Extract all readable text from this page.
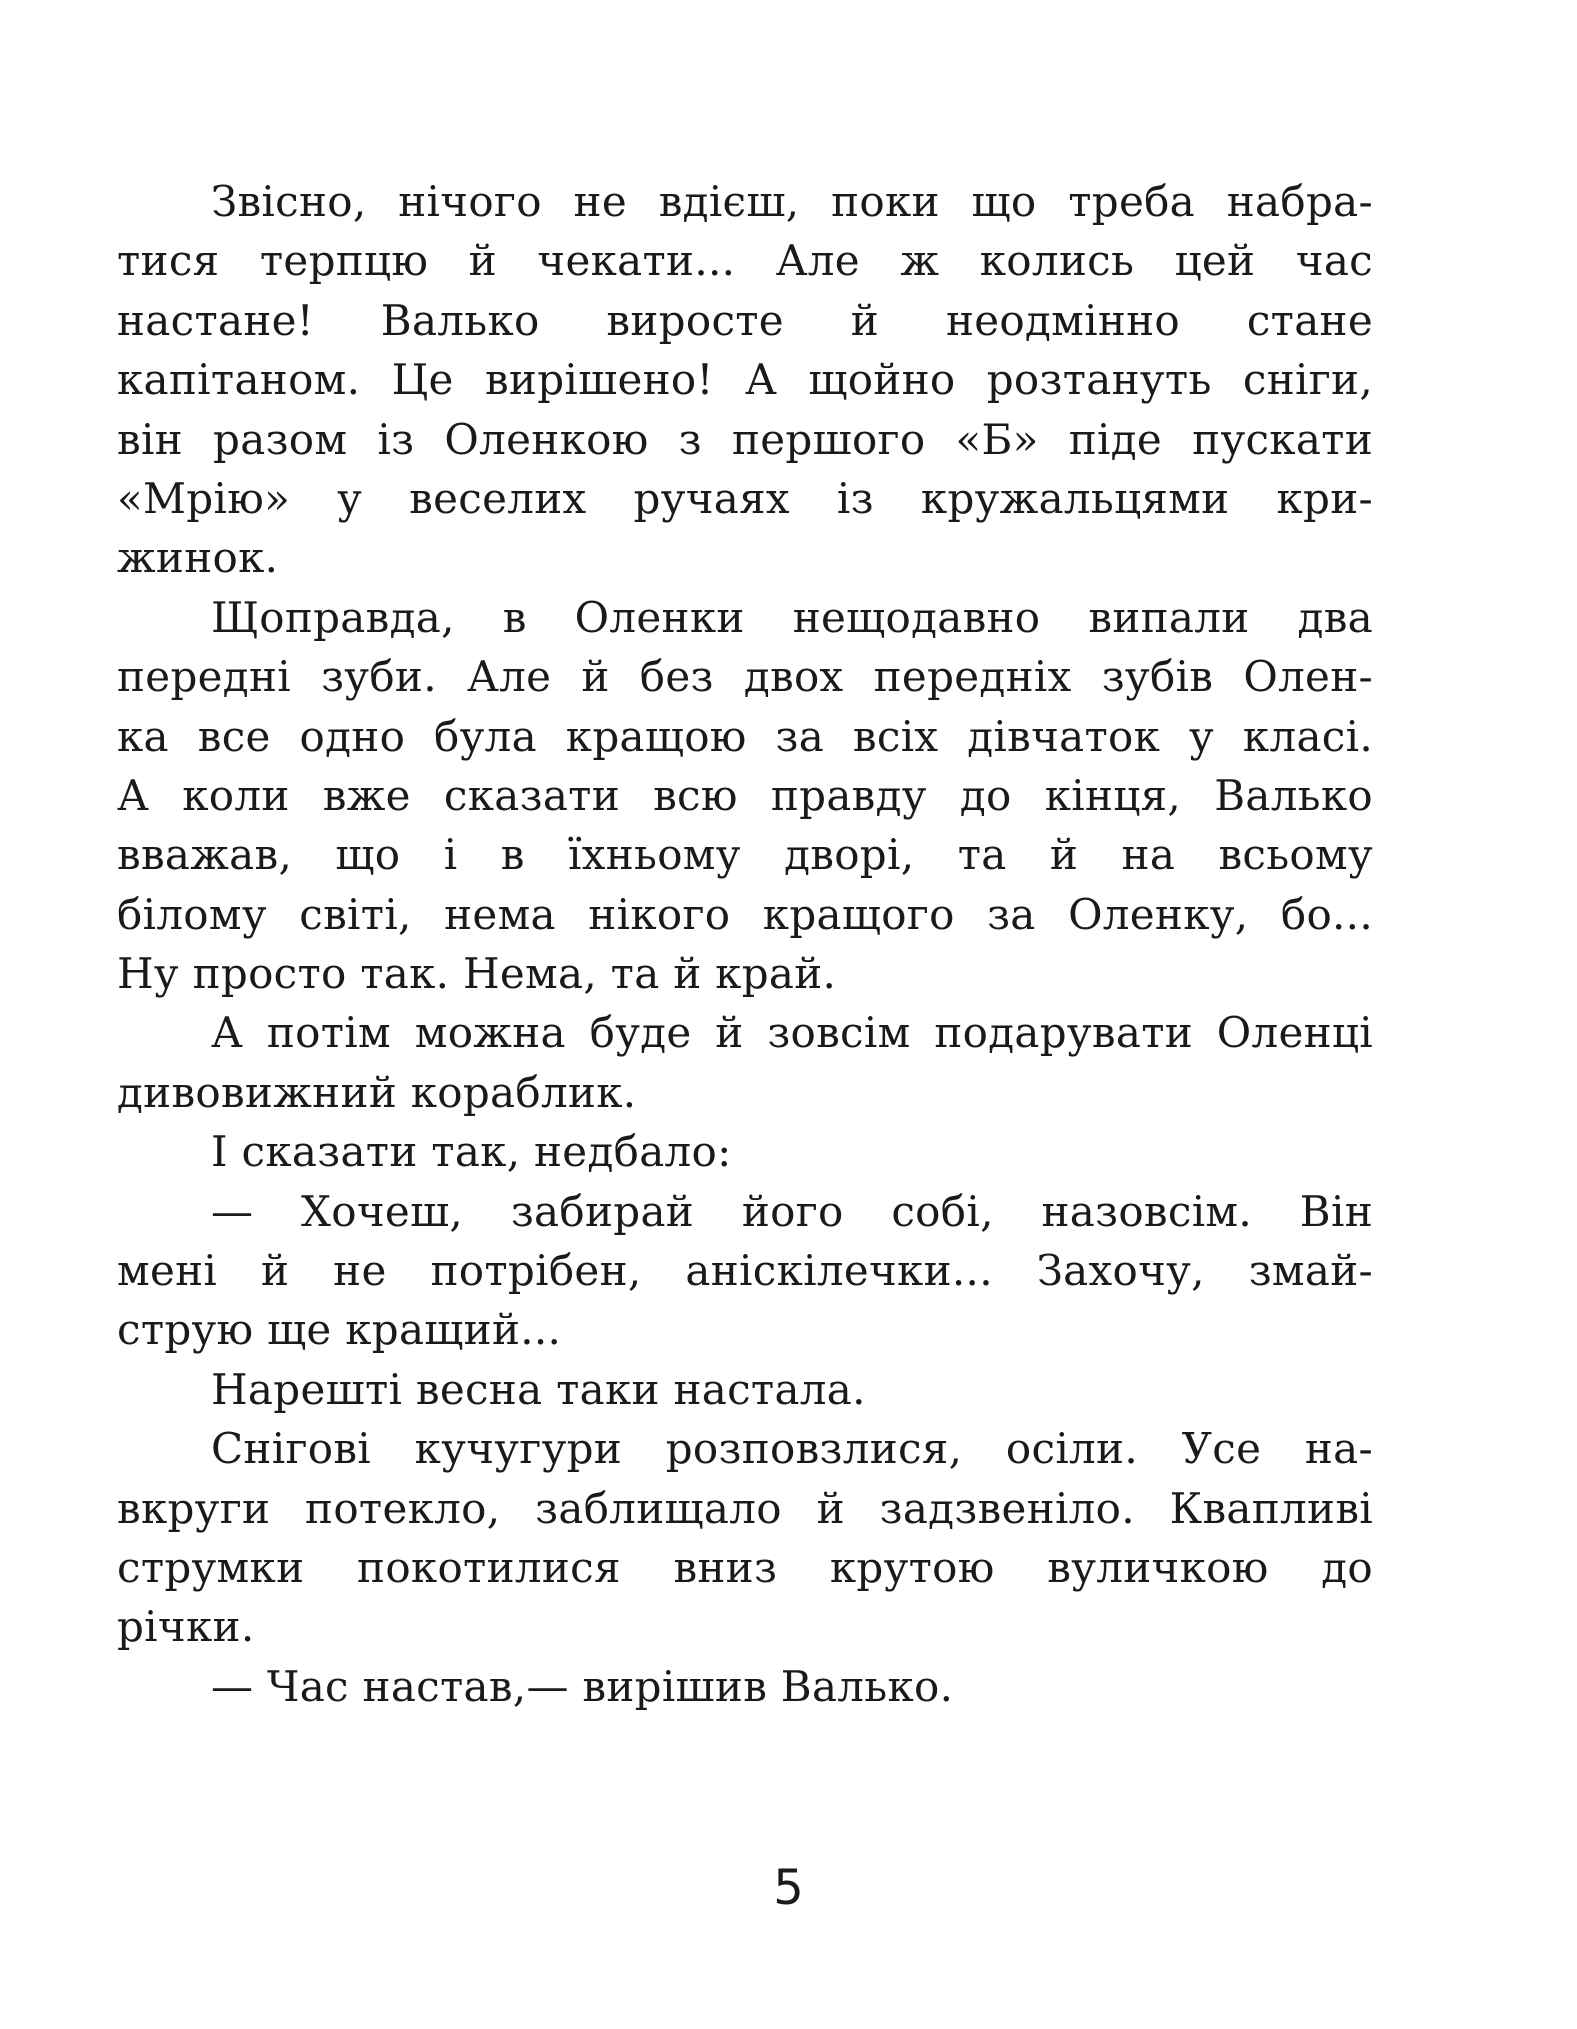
Звісно, нічого не вдієш, поки що треба набра-

тися терпцю й чекати... Але ж колись цей час

настане! Валько виросте й неодмінно стане

капітаном. Це вирішено! А щойно розтануть сніги,

він разом із Оленкою з першого «Б» піде пускати

«Мрію» у веселих ручаях із кружальцями кри-

жинок.

Щоправда, в Оленки нещодавно випали два

передні зуби. Але й без двох передніх зубів Олен-

ка все одно була кращою за всіх дівчаток у класі.

А коли вже сказати всю правду до кінця, Валько

вважав, що і в їхньому дворі, та й на всьому

білому світі, нема нікого кращого за Оленку, бо...

Ну просто так. Нема, та й край.

А потім можна буде й зовсім подарувати Оленці

дивовижний кораблик.

І сказати так, недбало:

— Хочеш, забирай його собі, назовсім. Він

мені й не потрібен, аніскілечки... Захочу, змай-

струю ще кращий...

Нарешті весна таки настала.

Снігові кучугури розповзлися, осіли. Усе на-

вкруги потекло, заблищало й задзвеніло. Квапливі

струмки покотилися вниз крутою вуличкою до

річки.

— Час настав,— вирішив Валько.

5
